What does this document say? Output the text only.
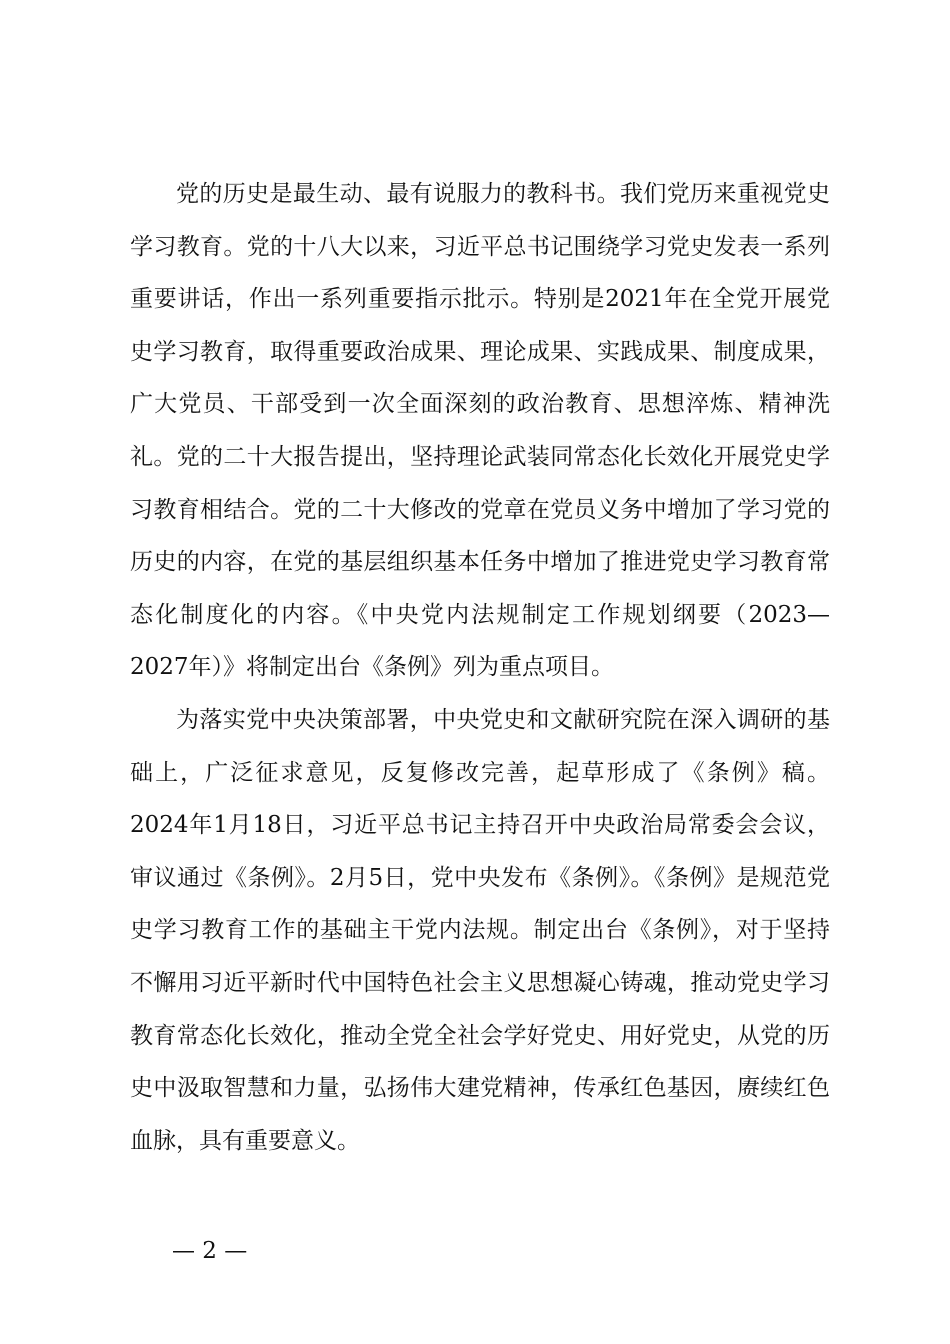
党的历史是最生动、最有说服力的教科书。我们党历来重视党史学习教育。党的十八大以来，习近平总书记围绕学习党史发表一系列重要讲话，作出一系列重要指示批示。特别是2021年在全党开展党史学习教育，取得重要政治成果、理论成果、实践成果、制度成果，广大党员、干部受到一次全面深刻的政治教育、思想淬炼、精神洗礼。党的二十大报告提出，坚持理论武装同常态化长效化开展党史学习教育相结合。党的二十大修改的党章在党员义务中增加了学习党的历史的内容，在党的基层组织基本任务中增加了推进党史学习教育常态化制度化的内容。《中央党内法规制定工作规划纲要（2023—2027年）》将制定出台《条例》列为重点项目。

为落实党中央决策部署，中央党史和文献研究院在深入调研的基础上，广泛征求意见，反复修改完善，起草形成了《条例》稿。2024年1月18日，习近平总书记主持召开中央政治局常委会会议，审议通过《条例》。2月5日，党中央发布《条例》。《条例》是规范党史学习教育工作的基础主干党内法规。制定出台《条例》，对于坚持不懈用习近平新时代中国特色社会主义思想凝心铸魂，推动党史学习教育常态化长效化，推动全党全社会学好党史、用好党史，从党的历史中汲取智慧和力量，弘扬伟大建党精神，传承红色基因，赓续红色血脉，具有重要意义。

— 2 —
